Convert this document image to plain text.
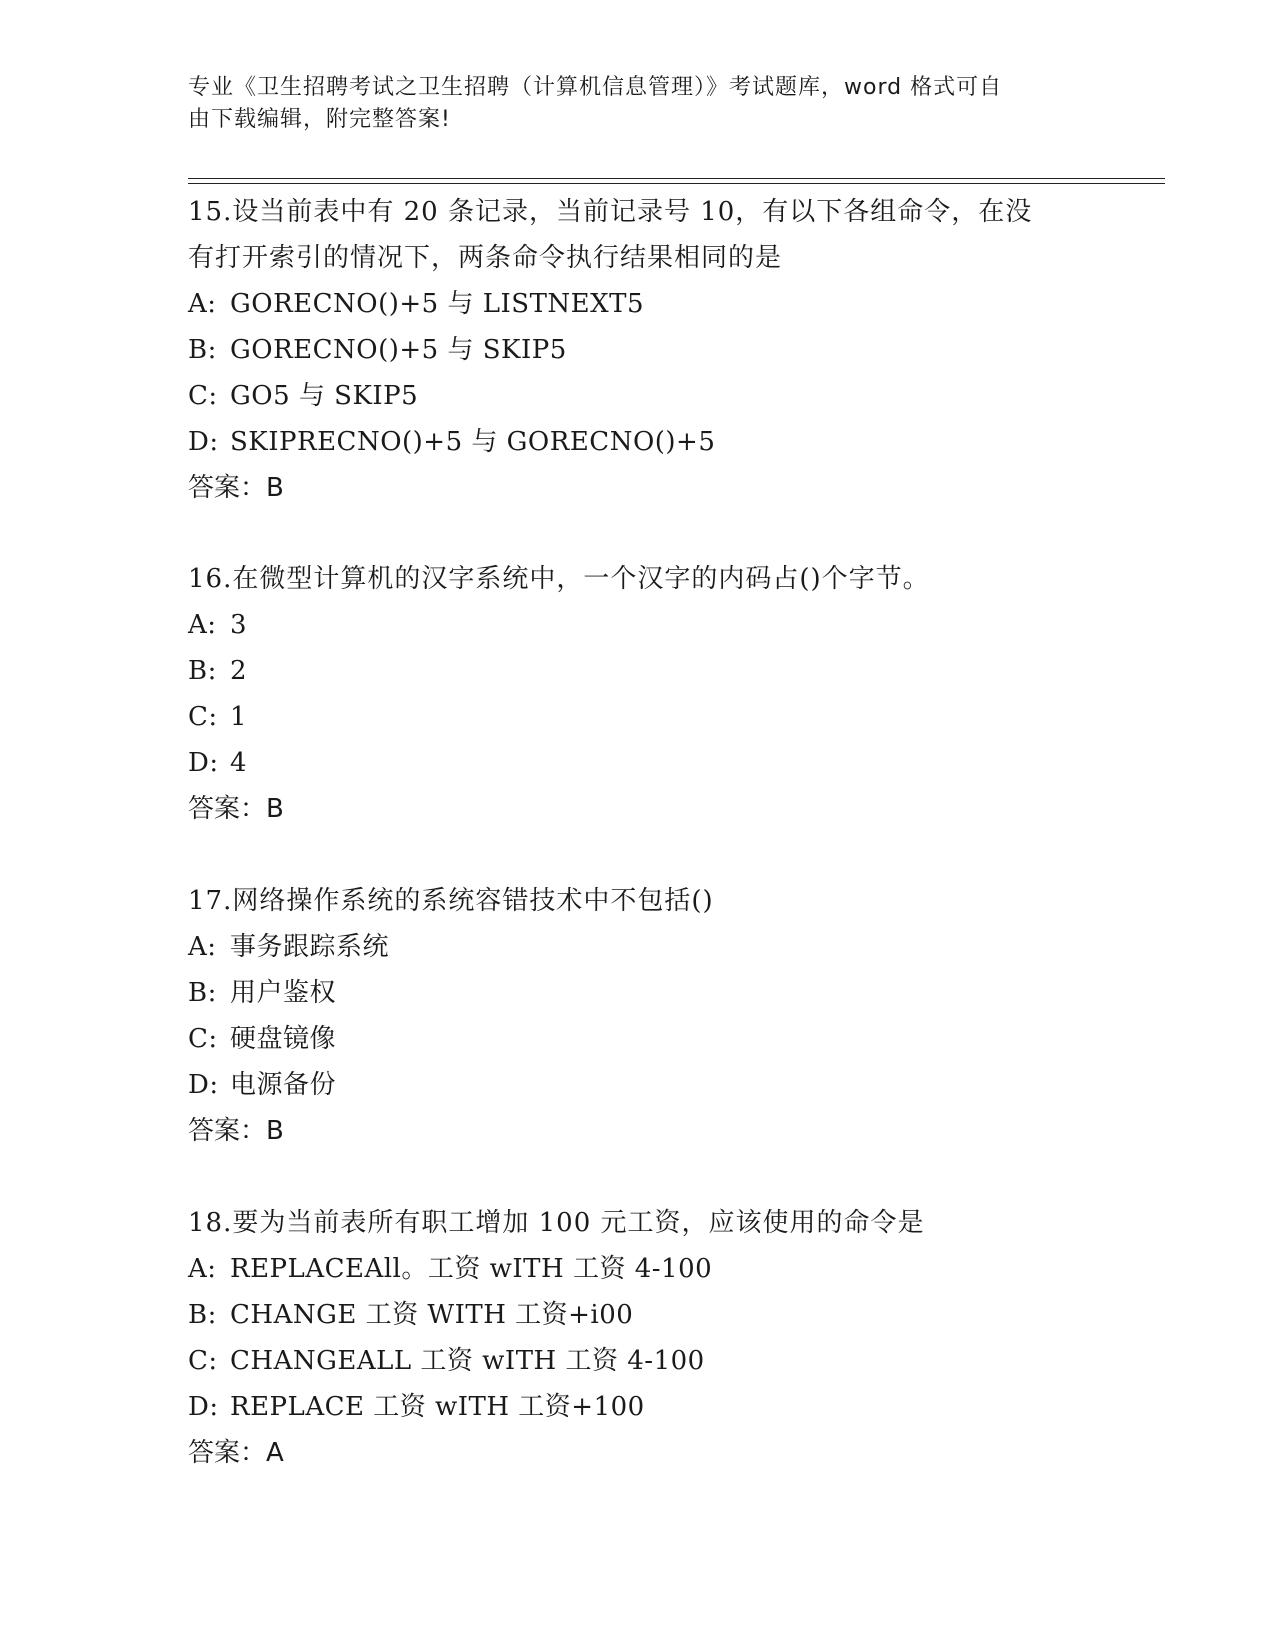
专业《卫生招聘考试之卫生招聘（计算机信息管理）》考试题库，word 格式可自
由下载编辑，附完整答案!

15.设当前表中有 20 条记录，当前记录号 10，有以下各组命令，在没

有打开索引的情况下，两条命令执行结果相同的是

A: GORECNO()+5 与 LISTNEXT5

B: GORECNO()+5 与 SKIP5

C: GO5 与 SKIP5

D: SKIPRECNO()+5 与 GORECNO()+5

答案：B

16.在微型计算机的汉字系统中，一个汉字的内码占()个字节。

A: 3

B: 2

C: 1

D: 4

答案：B

17.网络操作系统的系统容错技术中不包括()

A: 事务跟踪系统

B: 用户鉴权

C: 硬盘镜像

D: 电源备份

答案：B

18.要为当前表所有职工增加 100 元工资，应该使用的命令是

A: REPLACEAll。工资 wITH 工资 4-100

B: CHANGE 工资 WITH 工资+i00

C: CHANGEALL 工资 wITH 工资 4-100

D: REPLACE 工资 wITH 工资+100

答案：A
